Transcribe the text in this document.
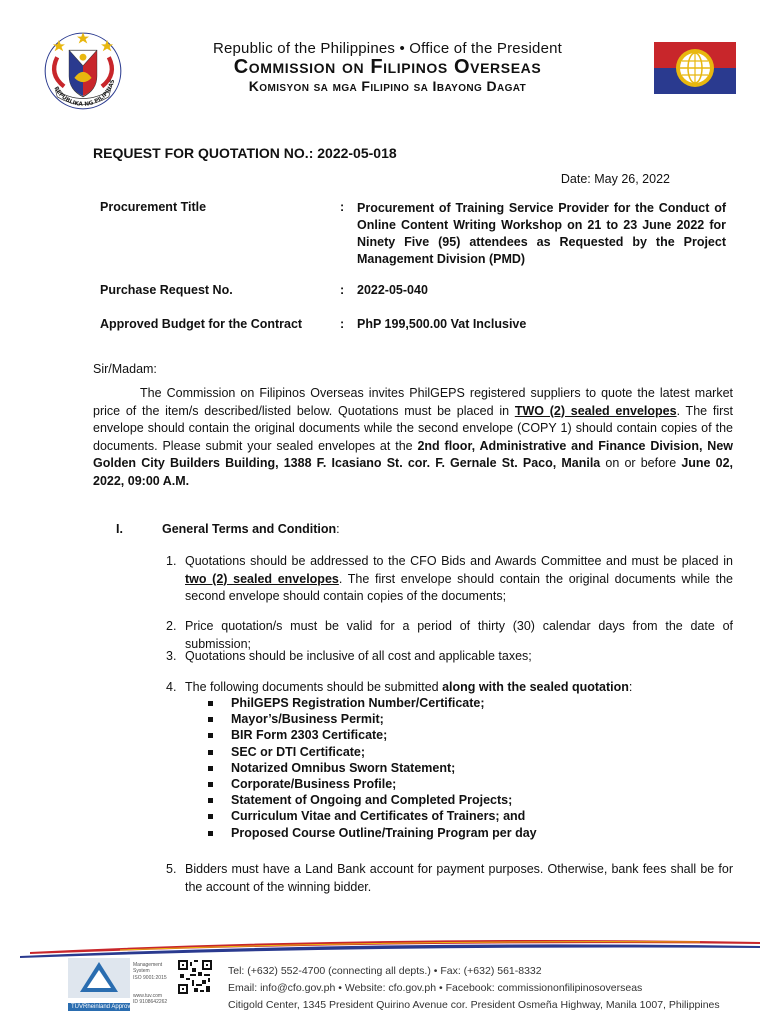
REPUBLIKA NG PILIPINAS
Republic of the Philippines • Office of the President
Commission on Filipinos Overseas
Komisyon sa mga Filipino sa Ibayong Dagat
REQUEST FOR QUOTATION NO.: 2022-05-018
Date: May 26, 2022
Procurement Title	: Procurement of Training Service Provider for the Conduct of Online Content Writing Workshop on 21 to 23 June 2022 for Ninety Five (95) attendees as Requested by the Project Management Division (PMD)
Purchase Request No.	: 2022-05-040
Approved Budget for the Contract	: PhP 199,500.00 Vat Inclusive
Sir/Madam:
The Commission on Filipinos Overseas invites PhilGEPS registered suppliers to quote the latest market price of the item/s described/listed below. Quotations must be placed in TWO (2) sealed envelopes. The first envelope should contain the original documents while the second envelope (COPY 1) should contain copies of the documents. Please submit your sealed envelopes at the 2nd floor, Administrative and Finance Division, New Golden City Builders Building, 1388 F. Icasiano St. cor. F. Gernale St. Paco, Manila on or before June 02, 2022, 09:00 A.M.
I.	General Terms and Condition:
1. Quotations should be addressed to the CFO Bids and Awards Committee and must be placed in two (2) sealed envelopes. The first envelope should contain the original documents while the second envelope should contain copies of the documents;
2. Price quotation/s must be valid for a period of thirty (30) calendar days from the date of submission;
3. Quotations should be inclusive of all cost and applicable taxes;
4. The following documents should be submitted along with the sealed quotation:
PhilGEPS Registration Number/Certificate;
Mayor’s/Business Permit;
BIR Form 2303 Certificate;
SEC or DTI Certificate;
Notarized Omnibus Sworn Statement;
Corporate/Business Profile;
Statement of Ongoing and Completed Projects;
Curriculum Vitae and Certificates of Trainers; and
Proposed Course Outline/Training Program per day
5. Bidders must have a Land Bank account for payment purposes. Otherwise, bank fees shall be for the account of the winning bidder.
TÜVRheinland Approved
Management
System
ISO 9001:2015
www.tuv.com
ID 9108642262
Tel: (+632) 552-4700 (connecting all depts.) • Fax: (+632) 561-8332
Email: info@cfo.gov.ph • Website: cfo.gov.ph • Facebook: commissiononfilipinosoverseas
Citigold Center, 1345 President Quirino Avenue cor. President Osmeña Highway, Manila 1007, Philippines
